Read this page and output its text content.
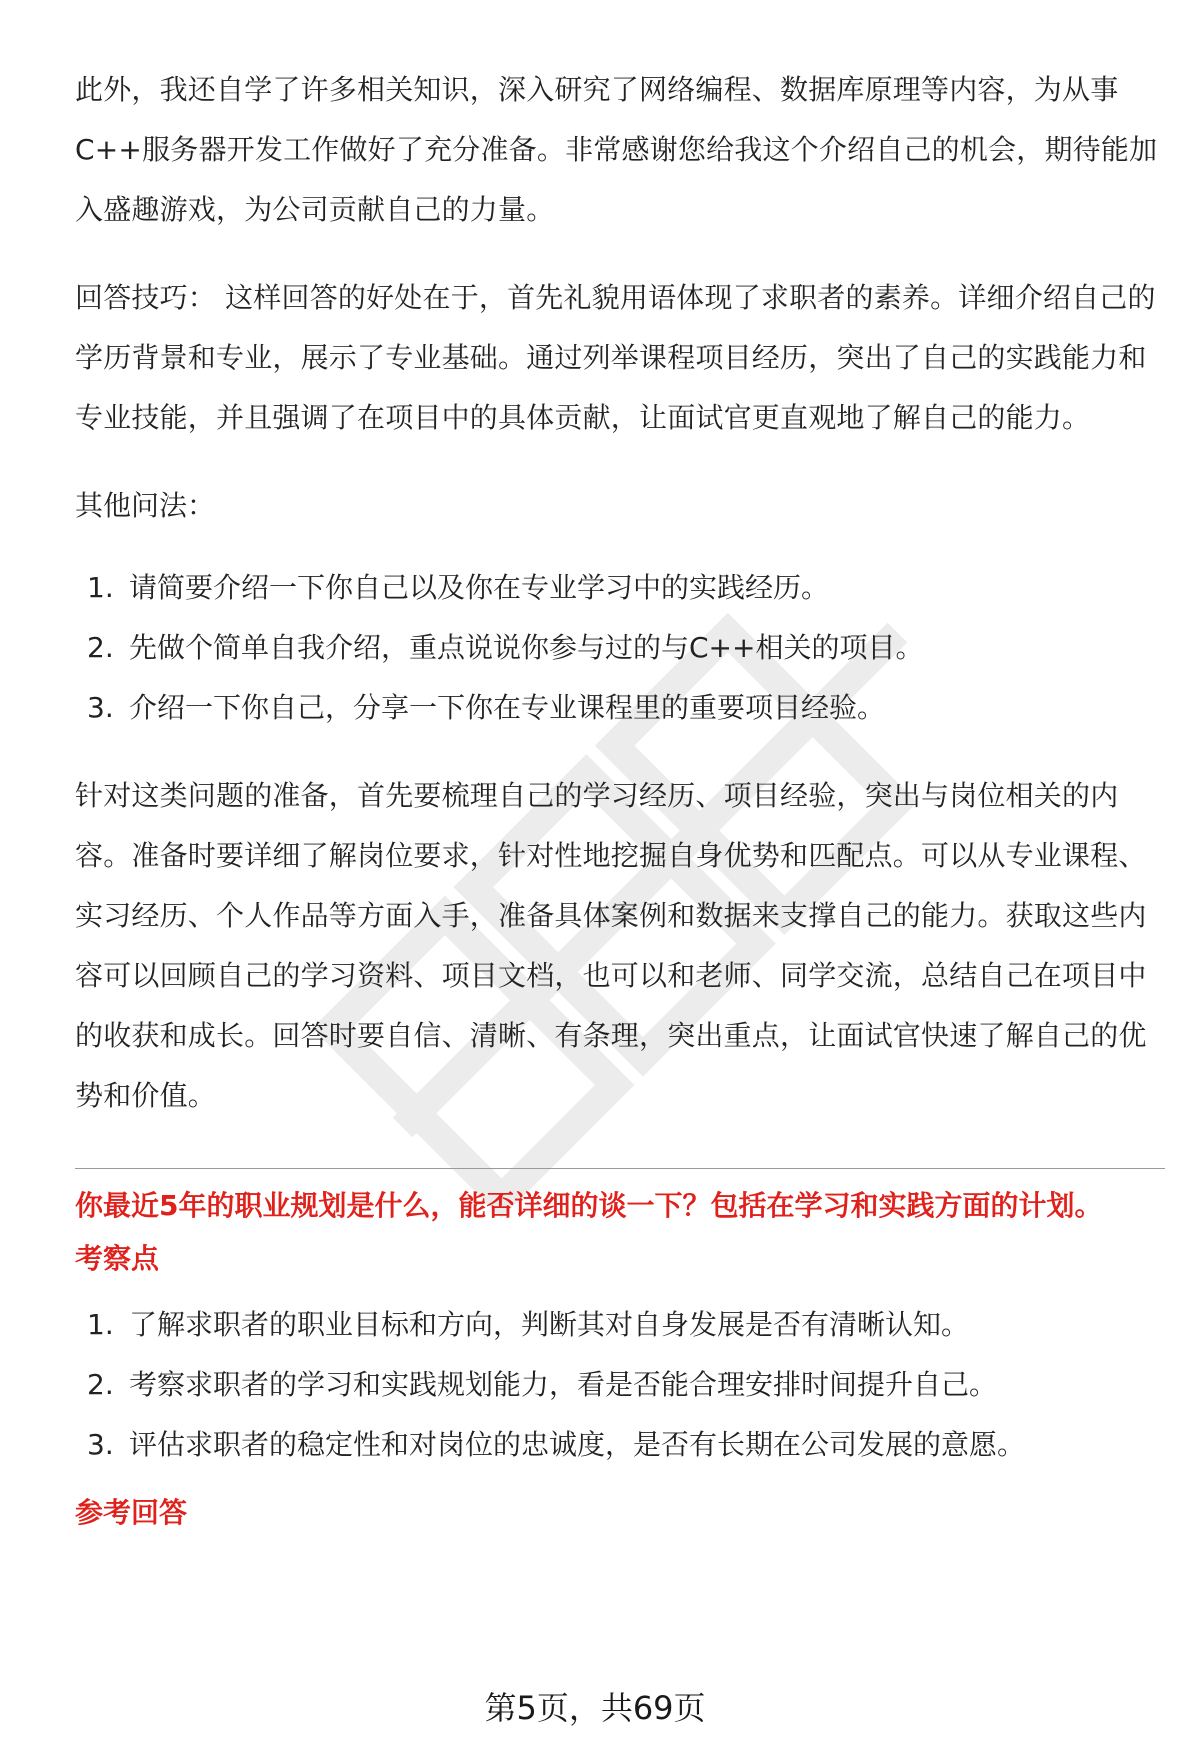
此外，我还自学了许多相关知识，深入研究了网络编程、数据库原理等内容，为从事C++服务器开发工作做好了充分准备。非常感谢您给我这个介绍自己的机会，期待能加入盛趣游戏，为公司贡献自己的力量。

回答技巧： 这样回答的好处在于，首先礼貌用语体现了求职者的素养。详细介绍自己的学历背景和专业，展示了专业基础。通过列举课程项目经历，突出了自己的实践能力和专业技能，并且强调了在项目中的具体贡献，让面试官更直观地了解自己的能力。

其他问法：

1. 请简要介绍一下你自己以及你在专业学习中的实践经历。
2. 先做个简单自我介绍，重点说说你参与过的与C++相关的项目。
3. 介绍一下你自己，分享一下你在专业课程里的重要项目经验。

针对这类问题的准备，首先要梳理自己的学习经历、项目经验，突出与岗位相关的内容。准备时要详细了解岗位要求，针对性地挖掘自身优势和匹配点。可以从专业课程、实习经历、个人作品等方面入手，准备具体案例和数据来支撑自己的能力。获取这些内容可以回顾自己的学习资料、项目文档，也可以和老师、同学交流，总结自己在项目中的收获和成长。回答时要自信、清晰、有条理，突出重点，让面试官快速了解自己的优势和价值。

你最近5年的职业规划是什么，能否详细的谈一下？包括在学习和实践方面的计划。

考察点

1. 了解求职者的职业目标和方向，判断其对自身发展是否有清晰认知。
2. 考察求职者的学习和实践规划能力，看是否能合理安排时间提升自己。
3. 评估求职者的稳定性和对岗位的忠诚度，是否有长期在公司发展的意愿。

参考回答

第5页，共69页
